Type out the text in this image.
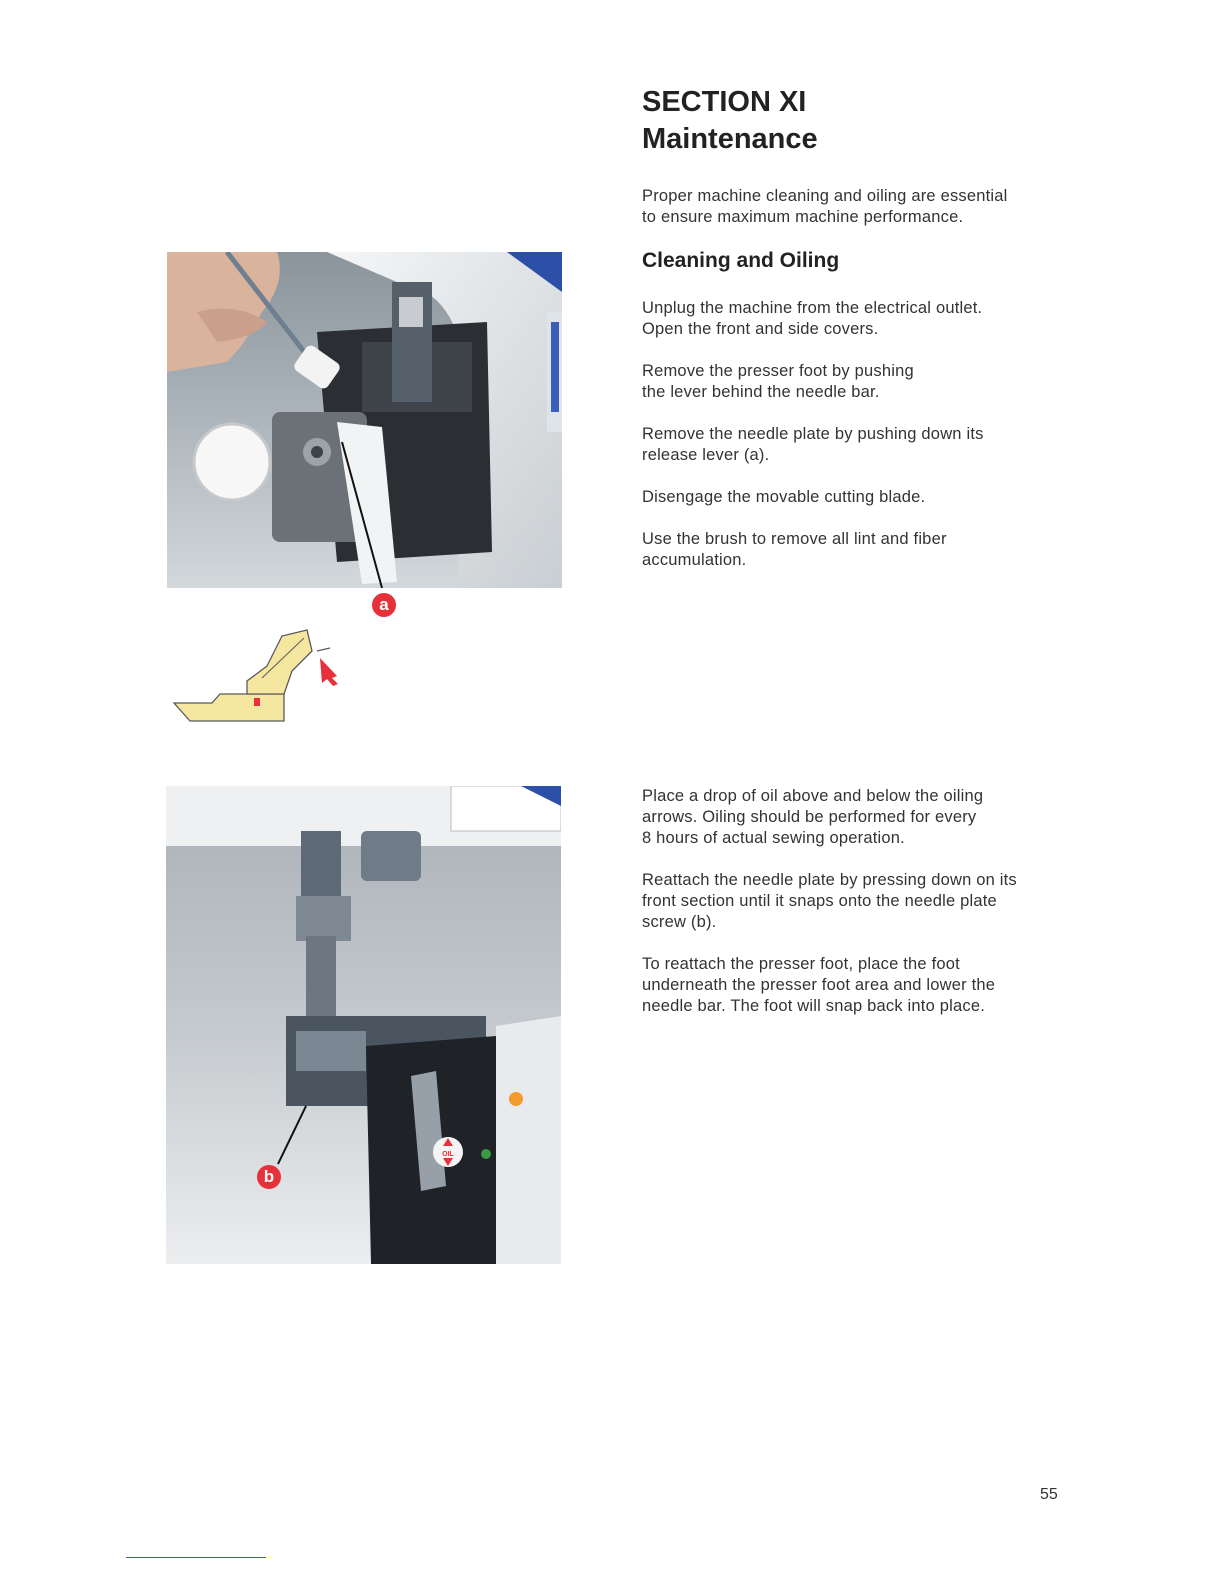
SECTION XI
Maintenance

Proper machine cleaning and oiling are essential
to ensure maximum machine performance.

Cleaning and Oiling

Unplug the machine from the electrical outlet.
Open the front and side covers.

Remove the presser foot by pushing
the lever behind the needle bar.

Remove the needle plate by pushing down its
release lever (a).

Disengage the movable cutting blade.

Use the brush to remove all lint and fiber
accumulation.

Place a drop of oil above and below the oiling
arrows. Oiling should be performed for every
8 hours of actual sewing operation.

Reattach the needle plate by pressing down on its
front section until it snaps onto the needle plate
screw (b).

To reattach the presser foot, place the foot
underneath the presser foot area and lower the
needle bar. The foot will snap back into place.

a
OIL
b
55
